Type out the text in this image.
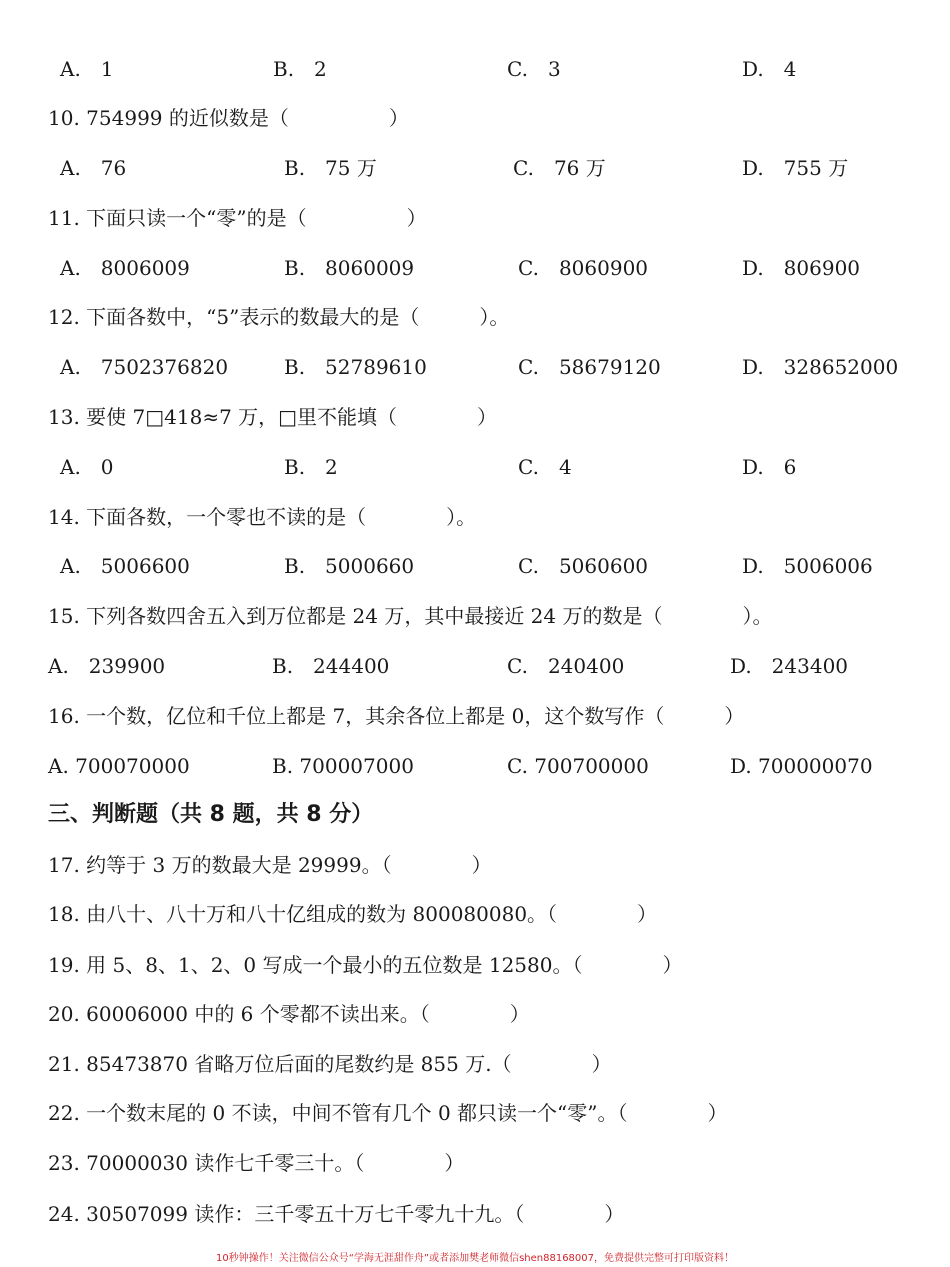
A.　1	B.　2	C.　3	D.　4
10. 754999 的近似数是（　　　　　）
A.　76	B.　75 万	C.　76 万	D.　755 万
11. 下面只读一个“零”的是（　　　　　）
A.　8006009	B.　8060009	C.　8060900	D.　806900
12. 下面各数中，“5”表示的数最大的是（　　　）。
A.　7502376820	B.　52789610	C.　58679120	D.　328652000
13. 要使 7□418≈7 万，□里不能填（　　　　）
A.　0	B.　2	C.　4	D.　6
14. 下面各数，一个零也不读的是（　　　　）。
A.　5006600	B.　5000660	C.　5060600	D.　5006006
15. 下列各数四舍五入到万位都是 24 万，其中最接近 24 万的数是（　　　　）。
A.　239900	B.　244400	C.　240400	D.　243400
16. 一个数，亿位和千位上都是 7，其余各位上都是 0，这个数写作（　　　）
A. 700070000	B. 700007000	C. 700700000	D. 700000070
三、判断题（共 8 题，共 8 分）
17. 约等于 3 万的数最大是 29999。（　　　　）
18. 由八十、八十万和八十亿组成的数为 800080080。（　　　　）
19. 用 5、8、1、2、0 写成一个最小的五位数是 12580。（　　　　）
20. 60006000 中的 6 个零都不读出来。（　　　　）
21. 85473870 省略万位后面的尾数约是 855 万.（　　　　）
22. 一个数末尾的 0 不读，中间不管有几个 0 都只读一个“零”。（　　　　）
23. 70000030 读作七千零三十。（　　　　）
24. 30507099 读作：三千零五十万七千零九十九。（　　　　）
10秒钟操作！关注微信公众号“学海无涯甜作舟”或者添加樊老师微信shen88168007，免费提供完整可打印版资料！
